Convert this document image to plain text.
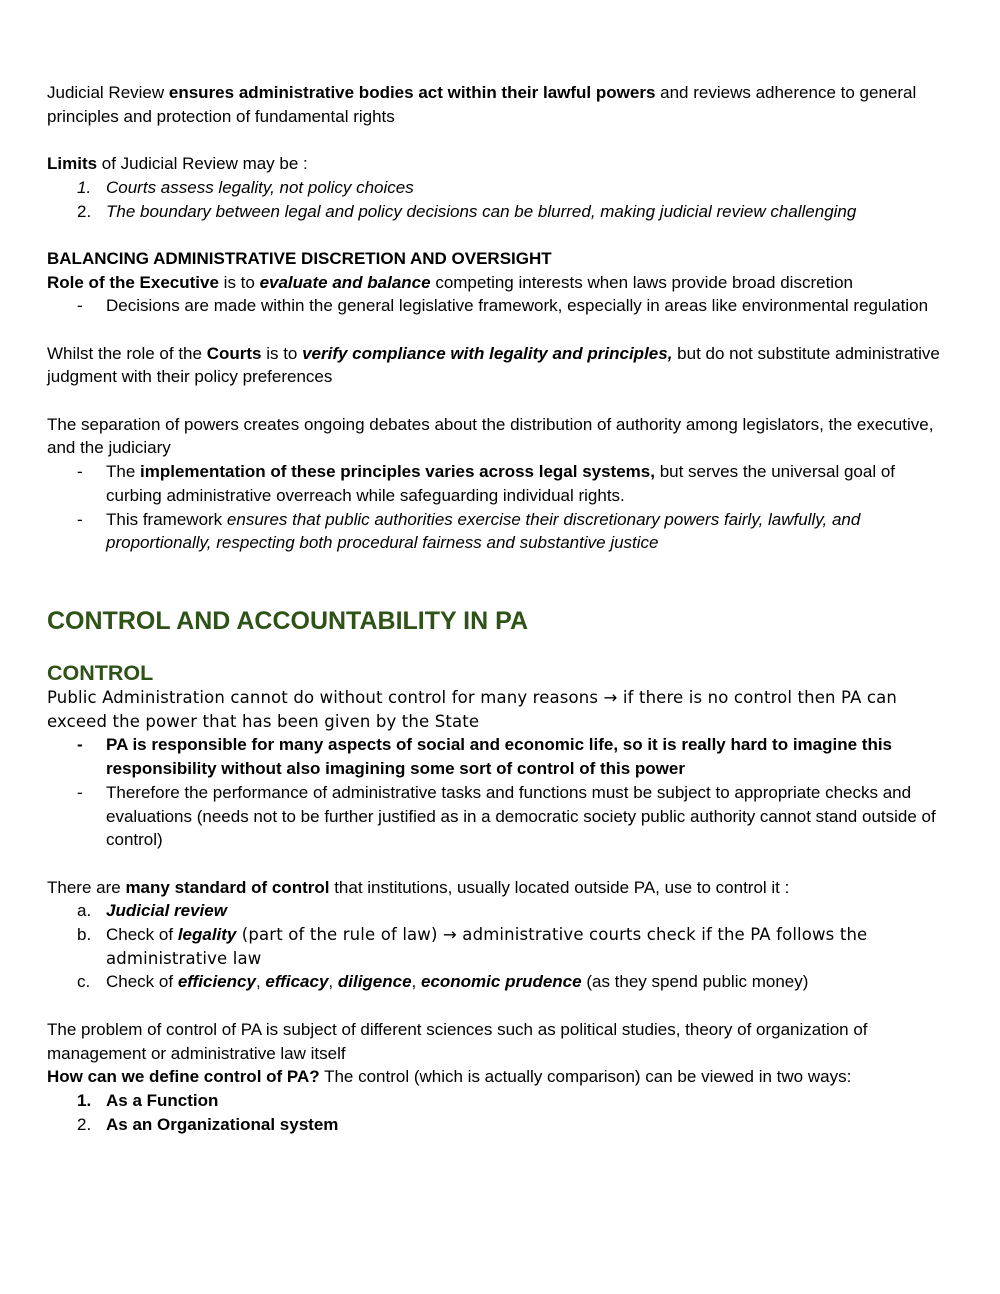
Judicial Review ensures administrative bodies act within their lawful powers and reviews adherence to general principles and protection of fundamental rights

Limits of Judicial Review may be :

1. Courts assess legality, not policy choices
2. The boundary between legal and policy decisions can be blurred, making judicial review challenging

BALANCING ADMINISTRATIVE DISCRETION AND OVERSIGHT

Role of the Executive is to evaluate and balance competing interests when laws provide broad discretion

- Decisions are made within the general legislative framework, especially in areas like environmental regulation

Whilst the role of the Courts is to verify compliance with legality and principles, but do not substitute administrative judgment with their policy preferences

The separation of powers creates ongoing debates about the distribution of authority among legislators, the executive, and the judiciary

- The implementation of these principles varies across legal systems, but serves the universal goal of curbing administrative overreach while safeguarding individual rights.
- This framework ensures that public authorities exercise their discretionary powers fairly, lawfully, and proportionally, respecting both procedural fairness and substantive justice
CONTROL AND ACCOUNTABILITY IN PA
CONTROL

Public Administration cannot do without control for many reasons → if there is no control then PA can exceed the power that has been given by the State

- PA is responsible for many aspects of social and economic life, so it is really hard to imagine this responsibility without also imagining some sort of control of this power
- Therefore the performance of administrative tasks and functions must be subject to appropriate checks and evaluations (needs not to be further justified as in a democratic society public authority cannot stand outside of control)

There are many standard of control that institutions, usually located outside PA, use to control it :

a. Judicial review
b. Check of legality (part of the rule of law) → administrative courts check if the PA follows the administrative law
c. Check of efficiency, efficacy, diligence, economic prudence (as they spend public money)

The problem of control of PA is subject of different sciences such as political studies, theory of organization of management or administrative law itself

How can we define control of PA? The control (which is actually comparison) can be viewed in two ways:

1. As a Function
2. As an Organizational system
